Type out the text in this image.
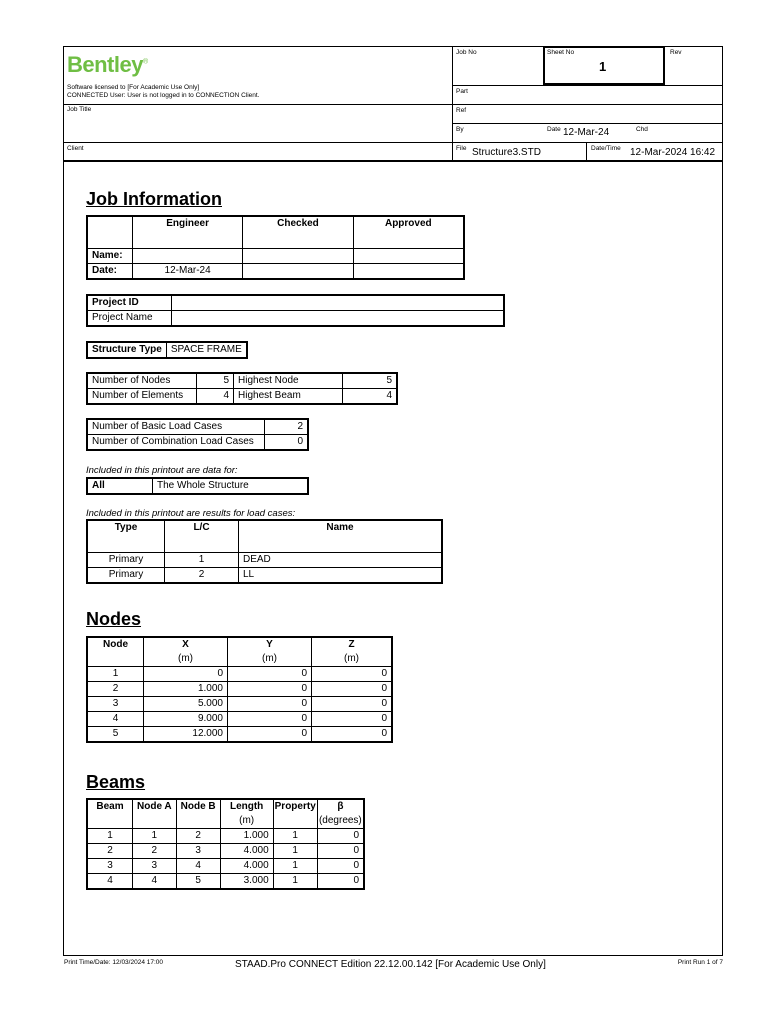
Bentley®
Software licensed to [For Academic Use Only]
CONNECTED User: User is not logged in to CONNECTION Client.
Job Title
Client
Job No	Sheet No
1
Rev
Part
Ref
By	Date 12-Mar-24	Chd
File Structure3.STD	Date/Time 12-Mar-2024 16:42
Job Information
	Engineer	Checked	Approved
Name:			
Date:	12-Mar-24		
Project ID	
Project Name	
Structure Type	SPACE FRAME
Number of Nodes	5	Highest Node	5
Number of Elements	4	Highest Beam	4
Number of Basic Load Cases	2
Number of Combination Load Cases	0
Included in this printout are data for:
All	The Whole Structure
Included in this printout are results for load cases:
Type	L/C	Name
Primary	1	DEAD
Primary	2	LL
Nodes
Node	X	Y	Z
	(m)	(m)	(m)
1	0	0	0
2	1.000	0	0
3	5.000	0	0
4	9.000	0	0
5	12.000	0	0
Beams
Beam	Node A	Node B	Length	Property	β
			(m)		(degrees)
1	1	2	1.000	1	0
2	2	3	4.000	1	0
3	3	4	4.000	1	0
4	4	5	3.000	1	0
Print Time/Date: 12/03/2024 17:00	STAAD.Pro CONNECT Edition 22.12.00.142 [For Academic Use Only]	Print Run 1 of 7
